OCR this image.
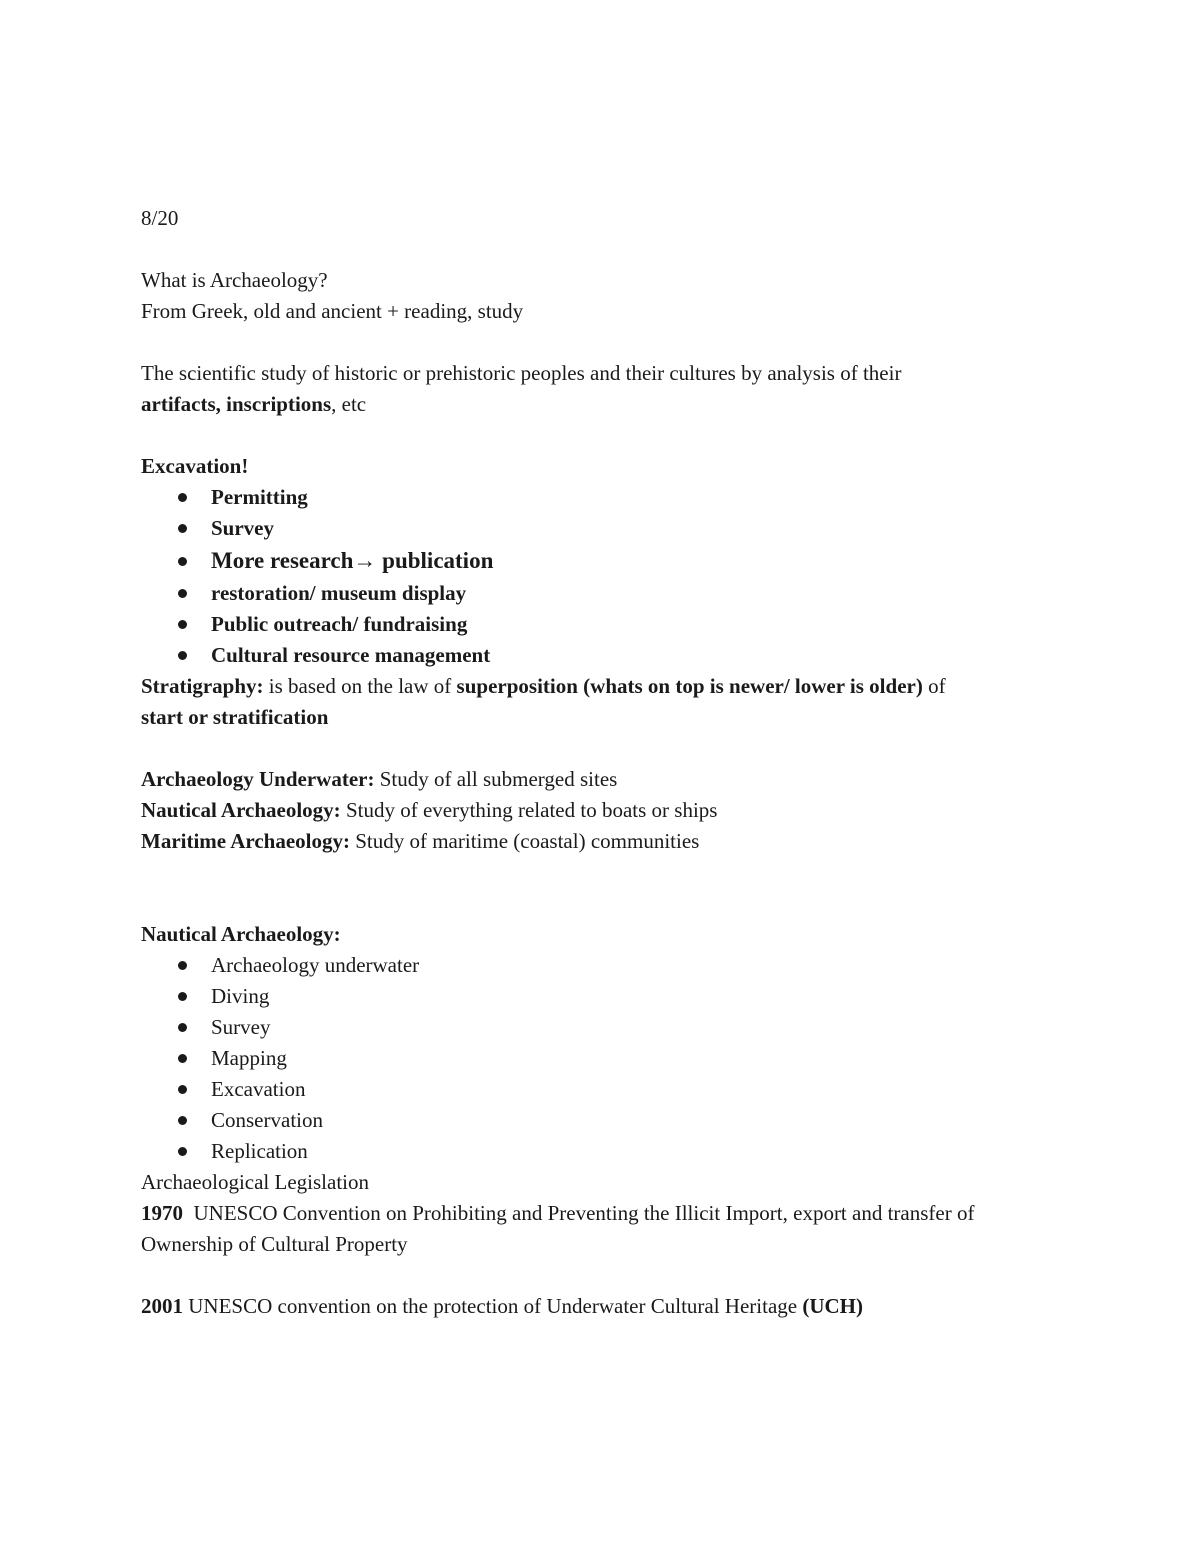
8/20

What is Archaeology?

From Greek, old and ancient + reading, study

The scientific study of historic or prehistoric peoples and their cultures by analysis of their

artifacts, inscriptions, etc

Excavation!

Permitting
Survey
More research→ publication
restoration/ museum display
Public outreach/ fundraising
Cultural resource management

Stratigraphy: is based on the law of superposition (whats on top is newer/ lower is older) of

start or stratification

Archaeology Underwater: Study of all submerged sites

Nautical Archaeology: Study of everything related to boats or ships

Maritime Archaeology: Study of maritime (coastal) communities

Nautical Archaeology:

Archaeology underwater
Diving
Survey
Mapping
Excavation
Conservation
Replication

Archaeological Legislation

1970  UNESCO Convention on Prohibiting and Preventing the Illicit Import, export and transfer of Ownership of Cultural Property

2001 UNESCO convention on the protection of Underwater Cultural Heritage (UCH)
